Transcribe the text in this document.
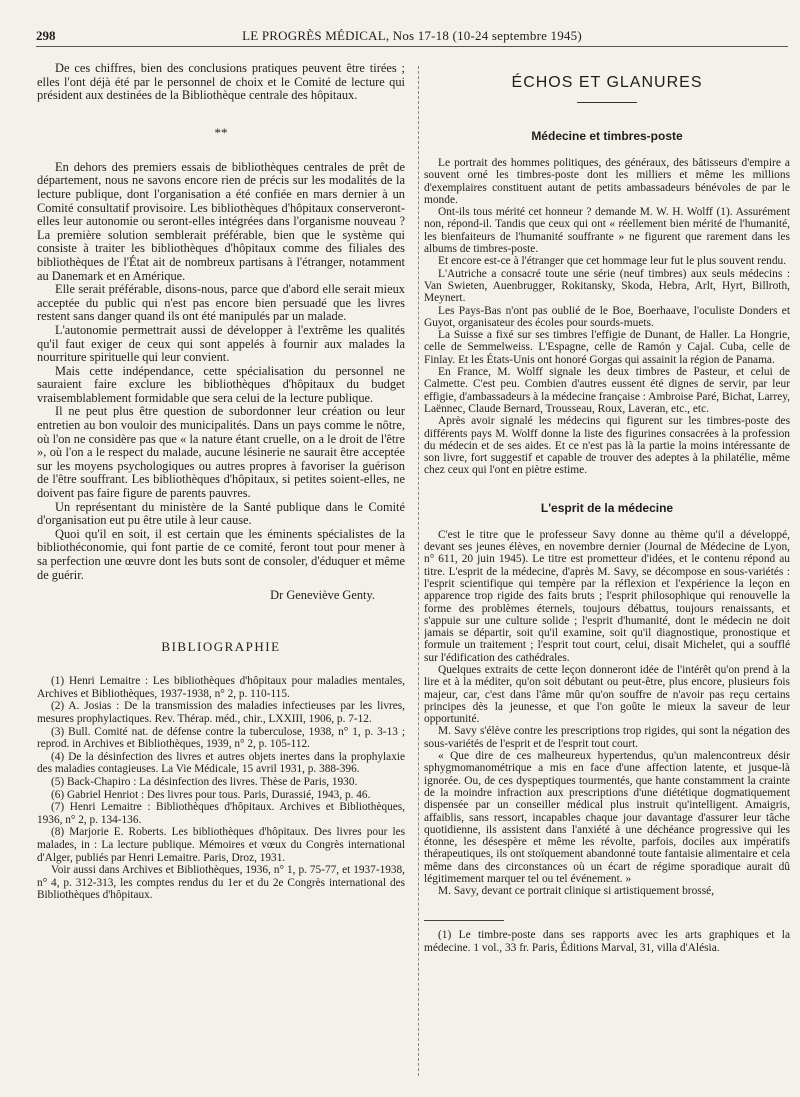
298	LE PROGRÈS MÉDICAL, Nos 17-18 (10-24 septembre 1945)

De ces chiffres, bien des conclusions pratiques peuvent être tirées ; elles l'ont déjà été par le personnel de choix et le Comité de lecture qui président aux destinées de la Bibliothèque centrale des hôpitaux.

**

En dehors des premiers essais de bibliothèques centrales de prêt de département, nous ne savons encore rien de précis sur les modalités de la lecture publique, dont l'organisation a été confiée en mars dernier à un Comité consultatif provisoire. Les bibliothèques d'hôpitaux conserveront-elles leur autonomie ou seront-elles intégrées dans l'organisme nouveau ? La première solution semblerait préférable, bien que le système qui consiste à traiter les bibliothèques d'hôpitaux comme des filiales des bibliothèques de l'État ait de nombreux partisans à l'étranger, notamment au Danemark et en Amérique.

Elle serait préférable, disons-nous, parce que d'abord elle serait mieux acceptée du public qui n'est pas encore bien persuadé que les livres restent sans danger quand ils ont été manipulés par un malade.

L'autonomie permettrait aussi de développer à l'extrême les qualités qu'il faut exiger de ceux qui sont appelés à fournir aux malades la nourriture spirituelle qui leur convient.

Mais cette indépendance, cette spécialisation du personnel ne sauraient faire exclure les bibliothèques d'hôpitaux du budget vraisemblablement formidable que sera celui de la lecture publique.

Il ne peut plus être question de subordonner leur création ou leur entretien au bon vouloir des municipalités. Dans un pays comme le nôtre, où l'on ne considère pas que « la nature étant cruelle, on a le droit de l'être », où l'on a le respect du malade, aucune lésinerie ne saurait être acceptée sur les moyens psychologiques ou autres propres à favoriser la guérison de l'être souffrant. Les bibliothèques d'hôpitaux, si petites soient-elles, ne doivent pas faire figure de parents pauvres.

Un représentant du ministère de la Santé publique dans le Comité d'organisation eut pu être utile à leur cause.

Quoi qu'il en soit, il est certain que les éminents spécialistes de la bibliothéconomie, qui font partie de ce comité, feront tout pour mener à sa perfection une œuvre dont les buts sont de consoler, d'éduquer et même de guérir.

Dr Geneviève Genty.
BIBLIOGRAPHIE

(1) Henri Lemaitre : Les bibliothèques d'hôpitaux pour maladies mentales, Archives et Bibliothèques, 1937-1938, n° 2, p. 110-115.

(2) A. Josias : De la transmission des maladies infectieuses par les livres, mesures prophylactiques. Rev. Thérap. méd., chir., LXXIII, 1906, p. 7-12.

(3) Bull. Comité nat. de défense contre la tuberculose, 1938, n° 1, p. 3-13 ; reprod. in Archives et Bibliothèques, 1939, n° 2, p. 105-112.

(4) De la désinfection des livres et autres objets inertes dans la prophylaxie des maladies contagieuses. La Vie Médicale, 15 avril 1931, p. 388-396.

(5) Back-Chapiro : La désinfection des livres. Thèse de Paris, 1930.

(6) Gabriel Henriot : Des livres pour tous. Paris, Durassié, 1943, p. 46.

(7) Henri Lemaitre : Bibliothèques d'hôpitaux. Archives et Bibliothèques, 1936, n° 2, p. 134-136.

(8) Marjorie E. Roberts. Les bibliothèques d'hôpitaux. Des livres pour les malades, in : La lecture publique. Mémoires et vœux du Congrès international d'Alger, publiés par Henri Lemaitre. Paris, Droz, 1931.

Voir aussi dans Archives et Bibliothèques, 1936, n° 1, p. 75-77, et 1937-1938, n° 4, p. 312-313, les comptes rendus du 1er et du 2e Congrès international des Bibliothèques d'hôpitaux.

ÉCHOS ET GLANURES
Médecine et timbres-poste

Le portrait des hommes politiques, des généraux, des bâtisseurs d'empire a souvent orné les timbres-poste dont les milliers et même les millions d'exemplaires constituent autant de petits ambassadeurs bénévoles de par le monde.

Ont-ils tous mérité cet honneur ? demande M. W. H. Wolff (1). Assurément non, répond-il. Tandis que ceux qui ont « réellement bien mérité de l'humanité, les bienfaiteurs de l'humanité souffrante » ne figurent que rarement dans les albums de timbres-poste.

Et encore est-ce à l'étranger que cet hommage leur fut le plus souvent rendu.

L'Autriche a consacré toute une série (neuf timbres) aux seuls médecins : Van Swieten, Auenbrugger, Rokitansky, Skoda, Hebra, Arlt, Hyrt, Billroth, Meynert.

Les Pays-Bas n'ont pas oublié de le Boe, Boerhaave, l'oculiste Donders et Guyot, organisateur des écoles pour sourds-muets.

La Suisse a fixé sur ses timbres l'effigie de Dunant, de Haller. La Hongrie, celle de Semmelweiss. L'Espagne, celle de Ramón y Cajal. Cuba, celle de Finlay. Et les États-Unis ont honoré Gorgas qui assainit la région de Panama.

En France, M. Wolff signale les deux timbres de Pasteur, et celui de Calmette. C'est peu. Combien d'autres eussent été dignes de servir, par leur effigie, d'ambassadeurs à la médecine française : Ambroise Paré, Bichat, Larrey, Laënnec, Claude Bernard, Trousseau, Roux, Laveran, etc., etc.

Après avoir signalé les médecins qui figurent sur les timbres-poste des différents pays M. Wolff donne la liste des figurines consacrées à la profession du médecin et de ses aides. Et ce n'est pas là la partie la moins intéressante de son livre, fort suggestif et capable de trouver des adeptes à la philatélie, même chez ceux qui l'ont en piètre estime.

L'esprit de la médecine

C'est le titre que le professeur Savy donne au thème qu'il a développé, devant ses jeunes élèves, en novembre dernier (Journal de Médecine de Lyon, n° 611, 20 juin 1945). Le titre est prometteur d'idées, et le contenu répond au titre. L'esprit de la médecine, d'après M. Savy, se décompose en sous-variétés : l'esprit scientifique qui tempère par la réflexion et l'expérience la leçon en apparence trop rigide des faits bruts ; l'esprit philosophique qui renouvelle la forme des problèmes éternels, toujours débattus, toujours renaissants, et s'appuie sur une culture solide ; l'esprit d'humanité, dont le médecin ne doit jamais se départir, soit qu'il examine, soit qu'il diagnostique, pronostique et formule un traitement ; l'esprit tout court, celui, disait Michelet, qui a soufflé sur l'édification des cathédrales.

Quelques extraits de cette leçon donneront idée de l'intérêt qu'on prend à la lire et à la méditer, qu'on soit débutant ou peut-être, plus encore, plusieurs fois majeur, car, c'est dans l'âme mûr qu'on souffre de n'avoir pas reçu certains principes dès la jeunesse, et que l'on goûte le mieux la saveur de leur opportunité.

M. Savy s'élève contre les prescriptions trop rigides, qui sont la négation des sous-variétés de l'esprit et de l'esprit tout court.

« Que dire de ces malheureux hypertendus, qu'un malencontreux désir sphygmomanométrique a mis en face d'une affection latente, et jusque-là ignorée. Ou, de ces dyspeptiques tourmentés, que hante constamment la crainte de la moindre infraction aux prescriptions d'une diététique dogmatiquement dispensée par un conseiller médical plus instruit qu'intelligent. Amaigris, affaiblis, sans ressort, incapables chaque jour davantage d'assurer leur tâche quotidienne, ils assistent dans l'anxiété à une déchéance progressive qui les étonne, les désespère et même les révolte, parfois, dociles aux impératifs thérapeutiques, ils ont stoïquement abandonné toute fantaisie alimentaire et cela même dans des circonstances où un écart de régime sporadique aurait dû légitimement marquer tel ou tel événement. »

M. Savy, devant ce portrait clinique si artistiquement brossé,

(1) Le timbre-poste dans ses rapports avec les arts graphiques et la médecine. 1 vol., 33 fr. Paris, Éditions Marval, 31, villa d'Alésia.
